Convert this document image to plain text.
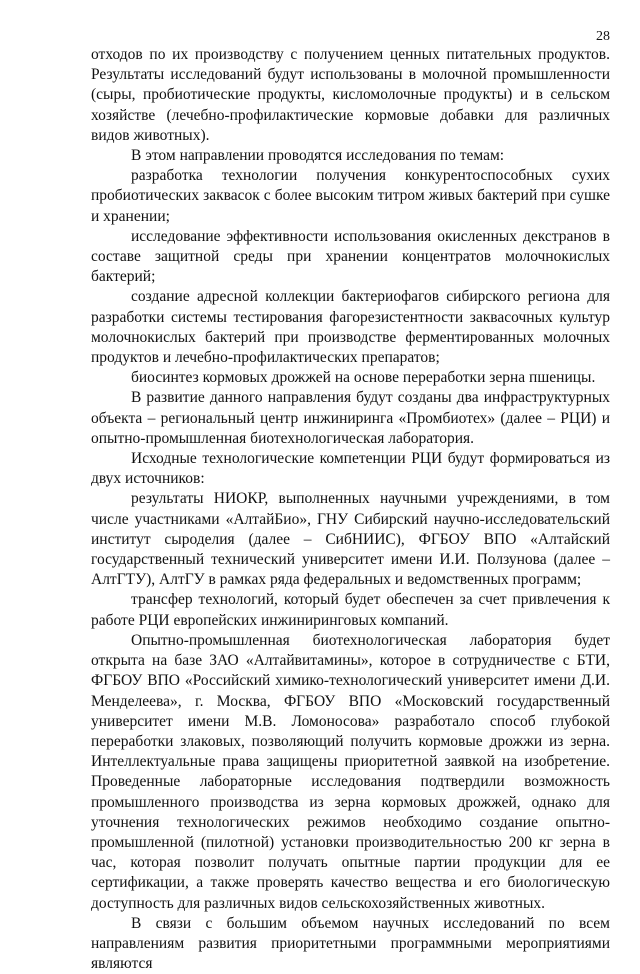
28

отходов по их производству с получением ценных питательных продуктов. Результаты исследований будут использованы в молочной промышленности (сыры, пробиотические продукты, кисломолочные продукты) и в сельском хозяйстве (лечебно-профилактические кормовые добавки для различных видов животных).

В этом направлении проводятся исследования по темам:

разработка технологии получения конкурентоспособных сухих пробиотических заквасок с более высоким титром живых бактерий при сушке и хранении;

исследование эффективности использования окисленных декстранов в составе защитной среды при хранении концентратов молочнокислых бактерий;

создание адресной коллекции бактериофагов сибирского региона для разработки системы тестирования фагорезистентности заквасочных культур молочнокислых бактерий при производстве ферментированных молочных продуктов и лечебно-профилактических препаратов;

биосинтез кормовых дрожжей на основе переработки зерна пшеницы.

В развитие данного направления будут созданы два инфраструктурных объекта – региональный центр инжиниринга «Промбиотех» (далее – РЦИ) и опытно-промышленная биотехнологическая лаборатория.

Исходные технологические компетенции РЦИ будут формироваться из двух источников:

результаты НИОКР, выполненных научными учреждениями, в том числе участниками «АлтайБио», ГНУ Сибирский научно-исследовательский институт сыроделия (далее – СибНИИС), ФГБОУ ВПО «Алтайский государственный технический университет имени И.И. Ползунова (далее – АлтГТУ), АлтГУ в рамках ряда федеральных и ведомственных программ;

трансфер технологий, который будет обеспечен за счет привлечения к работе РЦИ европейских инжиниринговых компаний.

Опытно-промышленная биотехнологическая лаборатория будет открыта на базе ЗАО «Алтайвитамины», которое в сотрудничестве с БТИ, ФГБОУ ВПО «Российский химико-технологический университет имени Д.И. Менделеева», г. Москва, ФГБОУ ВПО «Московский государственный университет имени М.В. Ломоносова» разработало способ глубокой переработки злаковых, позволяющий получить кормовые дрожжи из зерна. Интеллектуальные права защищены приоритетной заявкой на изобретение. Проведенные лабораторные исследования подтвердили возможность промышленного производства из зерна кормовых дрожжей, однако для уточнения технологических режимов необходимо создание опытно-промышленной (пилотной) установки производительностью 200 кг зерна в час, которая позволит получать опытные партии продукции для ее сертификации, а также проверять качество вещества и его биологическую доступность для различных видов сельскохозяйственных животных.

В связи с большим объемом научных исследований по всем направлениям развития приоритетными программными мероприятиями являются
